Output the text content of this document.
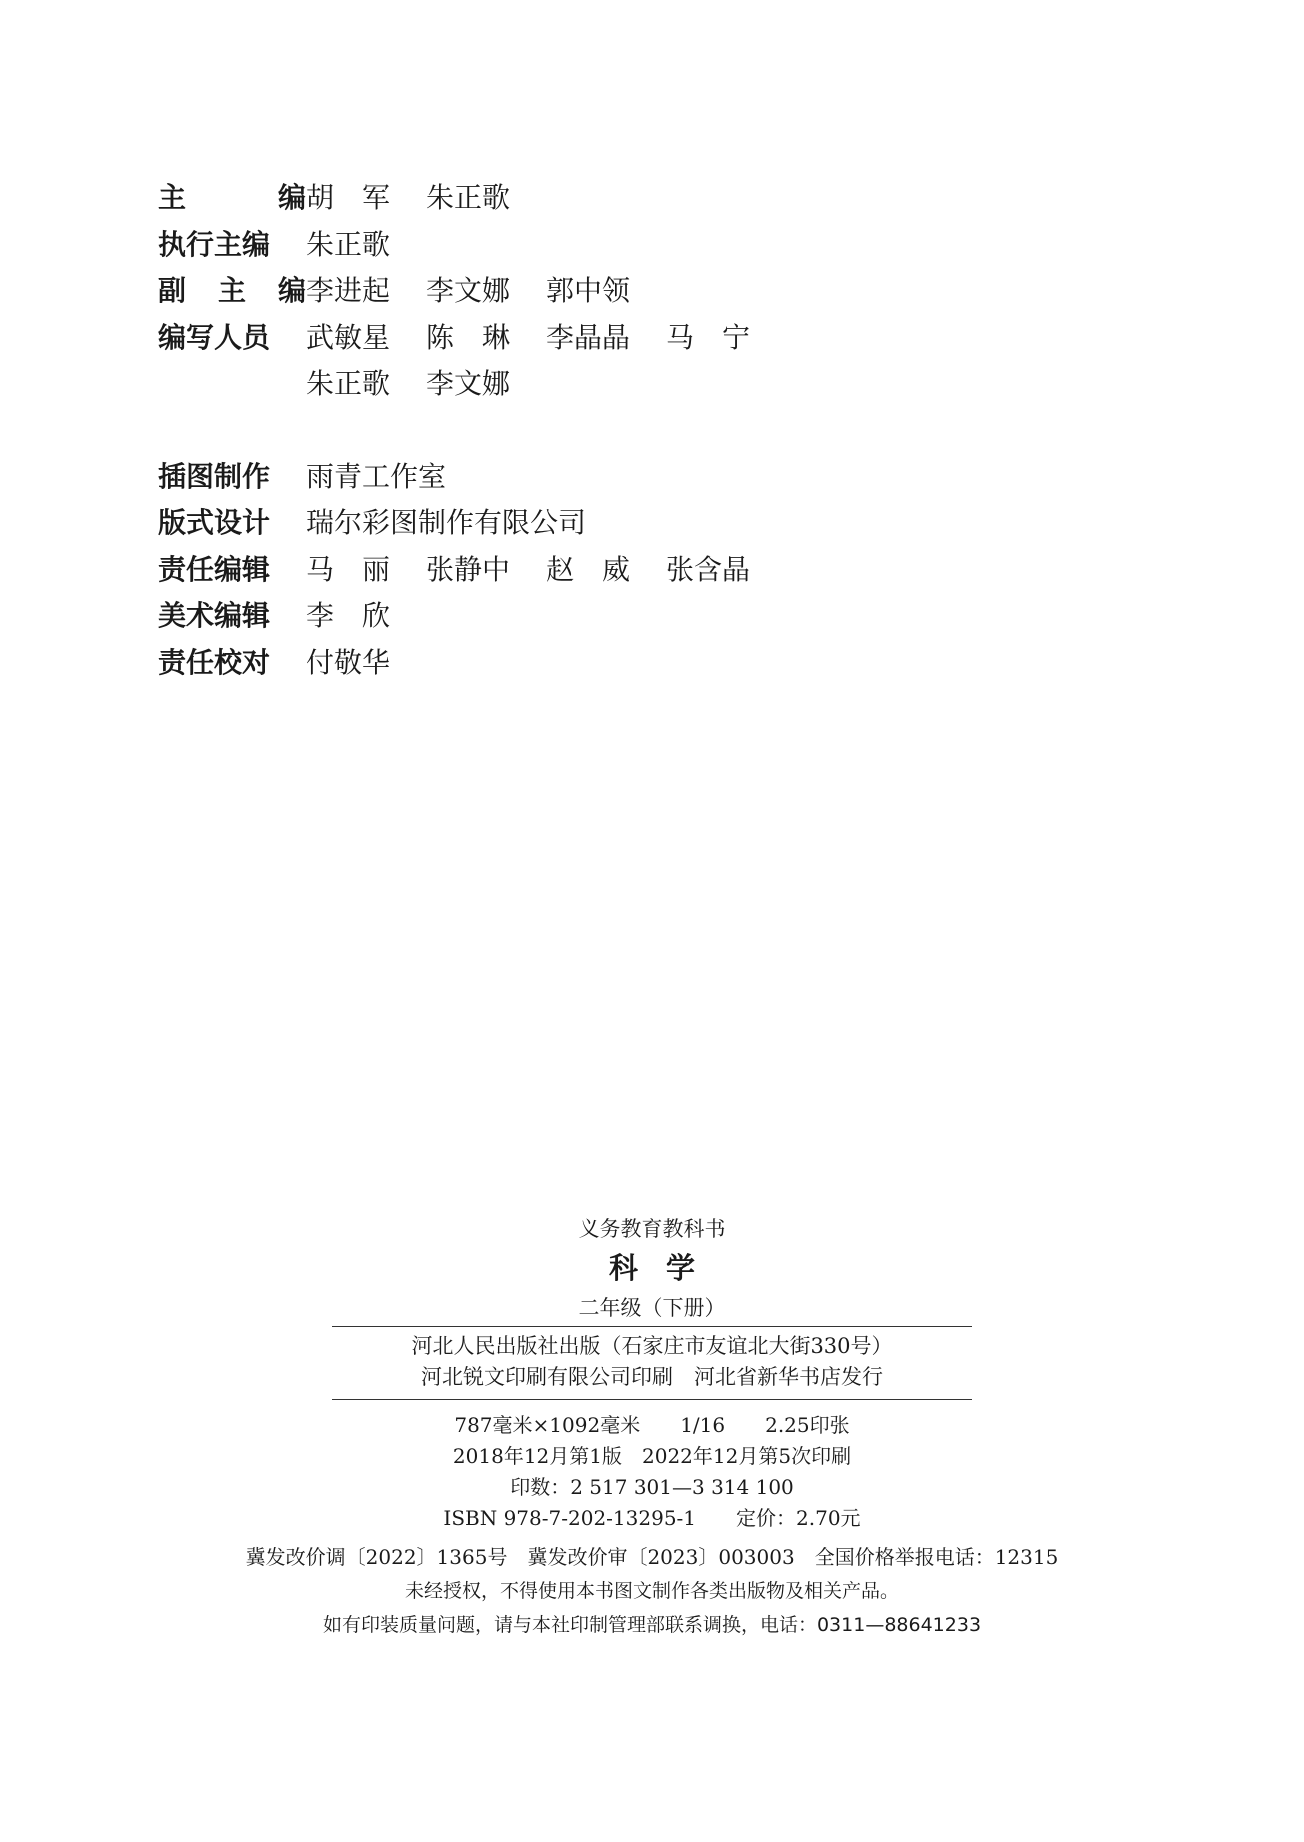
主	编 胡　军	朱正歌
执行主编 朱正歌
副 主 编 李进起	李文娜	郭中领
编写人员 武敏星	陈　琳	李晶晶	马　宁
朱正歌	李文娜
插图制作 雨青工作室
版式设计 瑞尔彩图制作有限公司
责任编辑 马　丽	张静中	赵　威	张含晶
美术编辑 李　欣
责任校对 付敬华
义务教育教科书
科学
二年级（下册）
河北人民出版社出版（石家庄市友谊北大街330号）
河北锐文印刷有限公司印刷　河北省新华书店发行
787毫米×1092毫米　　1/16　　2.25印张
2018年12月第1版　2022年12月第5次印刷
印数：2 517 301—3 314 100
ISBN 978-7-202-13295-1　　定价：2.70元
冀发改价调〔2022〕1365号　冀发改价审〔2023〕003003　全国价格举报电话：12315
未经授权，不得使用本书图文制作各类出版物及相关产品。
如有印装质量问题，请与本社印制管理部联系调换，电话：0311—88641233
